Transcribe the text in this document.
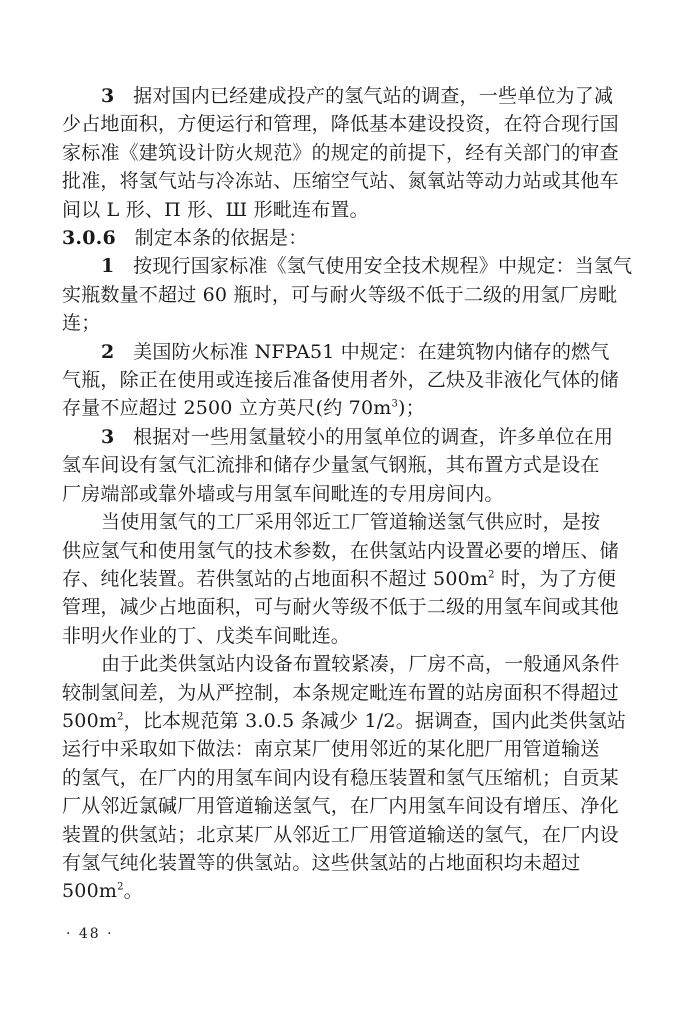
3 据对国内已经建成投产的氢气站的调查，一些单位为了减
少占地面积，方便运行和管理，降低基本建设投资，在符合现行国
家标准《建筑设计防火规范》的规定的前提下，经有关部门的审查
批准，将氢气站与冷冻站、压缩空气站、氮氧站等动力站或其他车
间以 L 形、Π 形、Ш 形毗连布置。
3.0.6 制定本条的依据是：
1 按现行国家标准《氢气使用安全技术规程》中规定：当氢气
实瓶数量不超过 60 瓶时，可与耐火等级不低于二级的用氢厂房毗
连；
2 美国防火标准 NFPA51 中规定：在建筑物内储存的燃气
气瓶，除正在使用或连接后准备使用者外，乙炔及非液化气体的储
存量不应超过 2500 立方英尺(约 $70m^3$)；
3 根据对一些用氢量较小的用氢单位的调查，许多单位在用
氢车间设有氢气汇流排和储存少量氢气钢瓶，其布置方式是设在
厂房端部或靠外墙或与用氢车间毗连的专用房间内。
当使用氢气的工厂采用邻近工厂管道输送氢气供应时，是按
供应氢气和使用氢气的技术参数，在供氢站内设置必要的增压、储
存、纯化装置。若供氢站的占地面积不超过 $500m^2$ 时，为了方便
管理，减少占地面积，可与耐火等级不低于二级的用氢车间或其他
非明火作业的丁、戊类车间毗连。
由于此类供氢站内设备布置较紧凑，厂房不高，一般通风条件
较制氢间差，为从严控制，本条规定毗连布置的站房面积不得超过
$500m^2$，比本规范第 3.0.5 条减少 1/2。据调查，国内此类供氢站
运行中采取如下做法：南京某厂使用邻近的某化肥厂用管道输送
的氢气，在厂内的用氢车间内设有稳压装置和氢气压缩机；自贡某
厂从邻近氯碱厂用管道输送氢气，在厂内用氢车间设有增压、净化
装置的供氢站；北京某厂从邻近工厂用管道输送的氢气，在厂内设
有氢气纯化装置等的供氢站。这些供氢站的占地面积均未超过
$500m^2$。
· 48 ·
